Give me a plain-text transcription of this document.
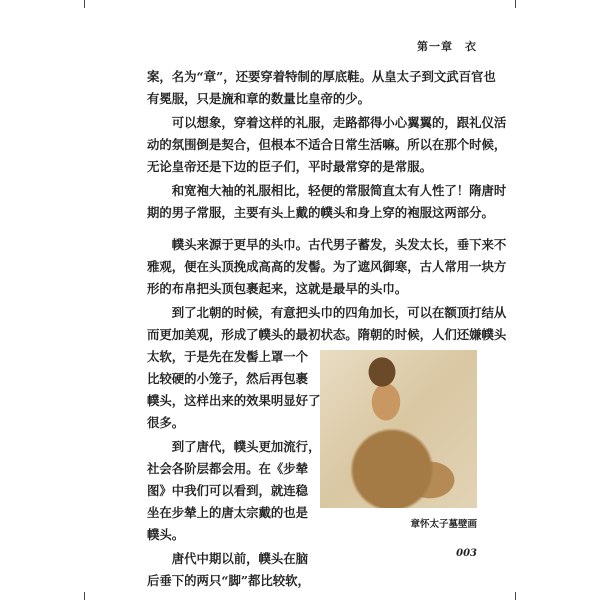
第一章　衣
案，名为“章”，还要穿着特制的厚底鞋。从皇太子到文武百官也
有冕服，只是旒和章的数量比皇帝的少。
　　可以想象，穿着这样的礼服，走路都得小心翼翼的，跟礼仪活
动的氛围倒是契合，但根本不适合日常生活嘛。所以在那个时候，
无论皇帝还是下边的臣子们，平时最常穿的是常服。
　　和宽袍大袖的礼服相比，轻便的常服简直太有人性了！隋唐时
期的男子常服，主要有头上戴的幞头和身上穿的袍服这两部分。
　　幞头来源于更早的头巾。古代男子蓄发，头发太长，垂下来不
雅观，便在头顶挽成高高的发髻。为了遮风御寒，古人常用一块方
形的布帛把头顶包裹起来，这就是最早的头巾。
　　到了北朝的时候，有意把头巾的四角加长，可以在额顶打结从
而更加美观，形成了幞头的最初状态。隋朝的时候，人们还嫌幞头
太软，于是先在发髻上罩一个
比较硬的小笼子，然后再包裹
幞头，这样出来的效果明显好了
很多。
　　到了唐代，幞头更加流行，
社会各阶层都会用。在《步辇
图》中我们可以看到，就连稳
坐在步辇上的唐太宗戴的也是
幞头。
　　唐代中期以前，幞头在脑
后垂下的两只“脚”都比较软，
章怀太子墓壁画
003
